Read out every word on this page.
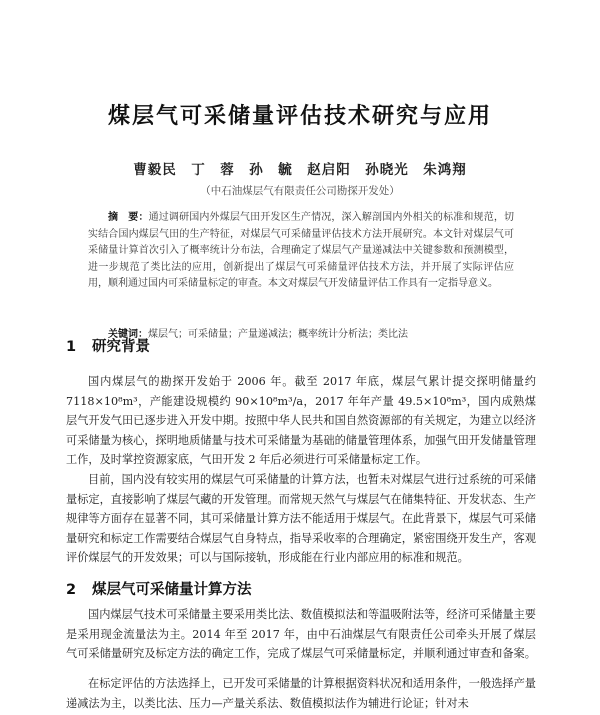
煤层气可采储量评估技术研究与应用
曹毅民　丁　蓉　孙　毓　赵启阳　孙晓光　朱鸿翔
（中石油煤层气有限责任公司勘探开发处）
摘　要：通过调研国内外煤层气田开发区生产情况，深入解剖国内外相关的标准和规范，切实结合国内煤层气田的生产特征，对煤层气可采储量评估技术方法开展研究。本文针对煤层气可采储量计算首次引入了概率统计分布法，合理确定了煤层气产量递减法中关键参数和预测模型，进一步规范了类比法的应用，创新提出了煤层气可采储量评估技术方法，并开展了实际评估应用，顺利通过国内可采储量标定的审查。本文对煤层气开发储量评估工作具有一定指导意义。
关键词：煤层气；可采储量；产量递减法；概率统计分析法；类比法
1 研究背景

国内煤层气的勘探开发始于 2006 年。截至 2017 年底，煤层气累计提交探明储量约 7118×10⁸m³，产能建设规模约 90×10⁸m³/a，2017 年年产量 49.5×10⁸m³，国内成熟煤层气开发气田已逐步进入开发中期。按照中华人民共和国自然资源部的有关规定，为建立以经济可采储量为核心，探明地质储量与技术可采储量为基础的储量管理体系，加强气田开发储量管理工作，及时掌控资源家底，气田开发 2 年后必须进行可采储量标定工作。

目前，国内没有较实用的煤层气可采储量的计算方法，也暂未对煤层气进行过系统的可采储量标定，直接影响了煤层气藏的开发管理。而常规天然气与煤层气在储集特征、开发状态、生产规律等方面存在显著不同，其可采储量计算方法不能适用于煤层气。在此背景下，煤层气可采储量研究和标定工作需要结合煤层气自身特点，指导采收率的合理确定，紧密围绕开发生产，客观评价煤层气的开发效果；可以与国际接轨，形成能在行业内部应用的标准和规范。

2 煤层气可采储量计算方法

国内煤层气技术可采储量主要采用类比法、数值模拟法和等温吸附法等，经济可采储量主要是采用现金流量法为主。2014 年至 2017 年，由中石油煤层气有限责任公司牵头开展了煤层气可采储量研究及标定方法的确定工作，完成了煤层气可采储量标定，并顺利通过审查和备案。

在标定评估的方法选择上，已开发可采储量的计算根据资料状况和适用条件，一般选择产量递减法为主，以类比法、压力—产量关系法、数值模拟法作为辅进行论证；针对未
